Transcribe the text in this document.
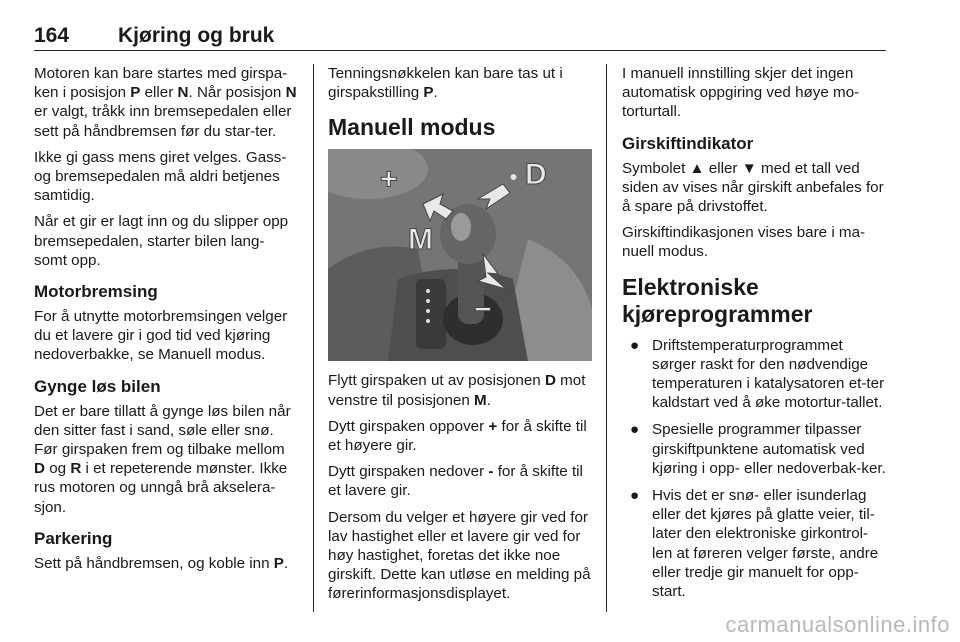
164 Kjøring og bruk

Motoren kan bare startes med girspa-ken i posisjon P eller N. Når posisjon N er valgt, tråkk inn bremsepedalen eller sett på håndbremsen før du star-ter.

Ikke gi gass mens giret velges. Gass- og bremsepedalen må aldri betjenes samtidig.

Når et gir er lagt inn og du slipper opp bremsepedalen, starter bilen lang-somt opp.

Motorbremsing

For å utnytte motorbremsingen velger du et lavere gir i god tid ved kjøring nedoverbakke, se Manuell modus.

Gynge løs bilen

Det er bare tillatt å gynge løs bilen når den sitter fast i sand, søle eller snø. Før girspaken frem og tilbake mellom D og R i et repeterende mønster. Ikke rus motoren og unngå brå akselera-sjon.

Parkering

Sett på håndbremsen, og koble inn P.

Tenningsnøkkelen kan bare tas ut i girspakstilling P.

Manuell modus
+	• D
M
−

Flytt girspaken ut av posisjonen D mot venstre til posisjonen M.

Dytt girspaken oppover + for å skifte til et høyere gir.

Dytt girspaken nedover - for å skifte til et lavere gir.

Dersom du velger et høyere gir ved for lav hastighet eller et lavere gir ved for høy hastighet, foretas det ikke noe girskift. Dette kan utløse en melding på førerinformasjonsdisplayet.

I manuell innstilling skjer det ingen automatisk oppgiring ved høye mo-torturtall.

Girskiftindikator

Symbolet ▲ eller ▼ med et tall ved siden av vises når girskift anbefales for å spare på drivstoffet.

Girskiftindikasjonen vises bare i ma-nuell modus.

Elektroniske kjøreprogrammer
● Driftstemperaturprogrammet sørger raskt for den nødvendige temperaturen i katalysatoren et-ter kaldstart ved å øke motortur-tallet.
● Spesielle programmer tilpasser girskiftpunktene automatisk ved kjøring i opp- eller nedoverbak-ker.
● Hvis det er snø- eller isunderlag eller det kjøres på glatte veier, til-later den elektroniske girkontrol-len at føreren velger første, andre eller tredje gir manuelt for opp-start.
carmanualsonline.info
